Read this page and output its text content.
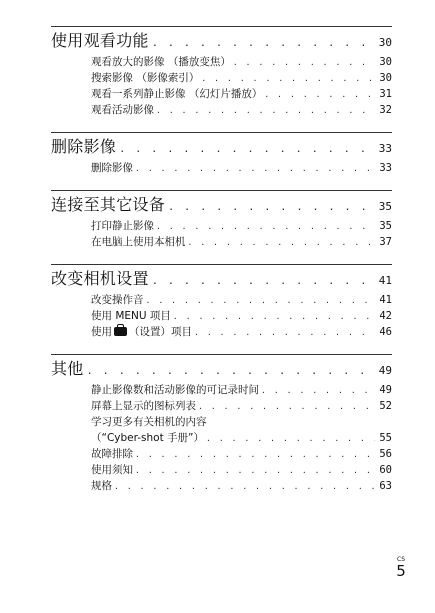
使用观看功能 . . .	30
观看放大的影像 （播放变焦） . . .	30
搜索影像 （影像索引） . . .	30
观看一系列静止影像 （幻灯片播放） . . .	31
观看活动影像 . . .	32
删除影像 . . .	33
删除影像 . . .	33
连接至其它设备 . . .	35
打印静止影像 . . .	35
在电脑上使用本相机 . . .	37
改变相机设置 . . .	41
改变操作音 . . .	41
使用 MENU 项目 . . .	42
使用 （设置）项目 . . .	46
其他 . . .	49
静止影像数和活动影像的可记录时间 . . .	49
屏幕上显示的图标列表 . . .	52
学习更多有关相机的内容
（“Cyber-shot 手册”） . . .	55
故障排除 . . .	56
使用须知 . . .	60
规格 . . .	63
CS
5
